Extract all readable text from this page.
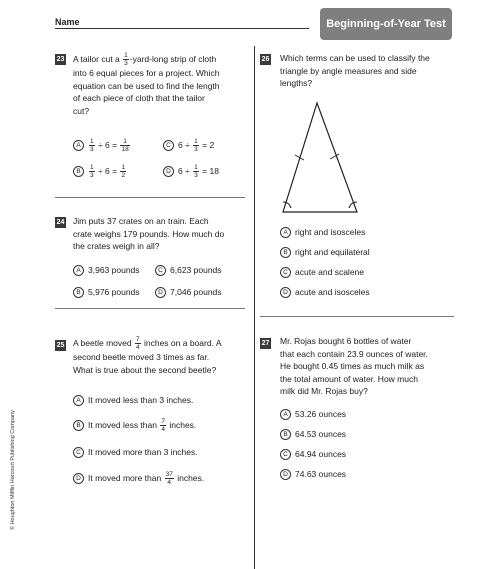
Name	Beginning-of-Year Test
© Houghton Mifflin Harcourt Publishing Company
23 A tailor cut a $\frac{1}{3}$ -yard-long strip of cloth
into 6 equal pieces for a project. Which
equation can be used to find the length
of each piece of cloth that the tailor
cut?
A $\frac{1}{3} \div 6 = \frac{1}{18}$	C $6 \div \frac{1}{3} = 2$
B $\frac{1}{3} \div 6 = \frac{1}{2}$	D $6 \div \frac{1}{3} = 18$
24 Jim puts 37 crates on an train. Each
crate weighs 179 pounds. How much do
the crates weigh in all?
A 3,963 pounds	C 6,623 pounds
B 5,976 pounds	D 7,046 pounds
25 A beetle moved $\frac{7}{4}$ inches on a board. A
second beetle moved 3 times as far.
What is true about the second beetle?
A It moved less than 3 inches.
B It moved less than $\frac{7}{4}$ inches.
C It moved more than 3 inches.
D It moved more than $\frac{37}{4}$ inches.
26 Which terms can be used to classify the
triangle by angle measures and side
lengths?
A right and isosceles
B right and equilateral
C acute and scalene
D acute and isosceles
27 Mr. Rojas bought 6 bottles of water
that each contain 23.9 ounces of water.
He bought 0.45 times as much milk as
the total amount of water. How much
milk did Mr. Rojas buy?
A 53.26 ounces
B 64.53 ounces
C 64.94 ounces
D 74.63 ounces
